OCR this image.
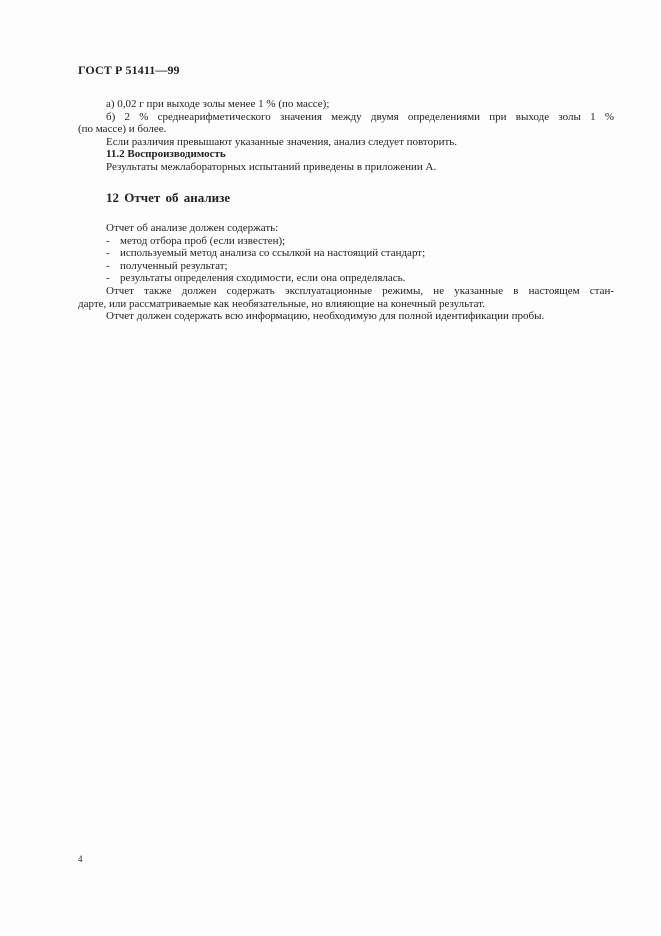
ГОСТ Р 51411—99
а) 0,02 г при выходе золы менее 1 % (по массе);
б) 2 % среднеарифметического значения между двумя определениями при выходе золы 1 %
(по массе) и более.
Если различия превышают указанные значения, анализ следует повторить.
11.2 Воспроизводимость
Результаты межлабораторных испытаний приведены в приложении А.
12 Отчет об анализе
Отчет об анализе должен содержать:
- метод отбора проб (если известен);
- используемый метод анализа со ссылкой на настоящий стандарт;
- полученный результат;
- результаты определения сходимости, если она определялась.
Отчет также должен содержать эксплуатационные режимы, не указанные в настоящем стан-
дарте, или рассматриваемые как необязательные, но влияющие на конечный результат.
Отчет должен содержать всю информацию, необходимую для полной идентификации пробы.
4
